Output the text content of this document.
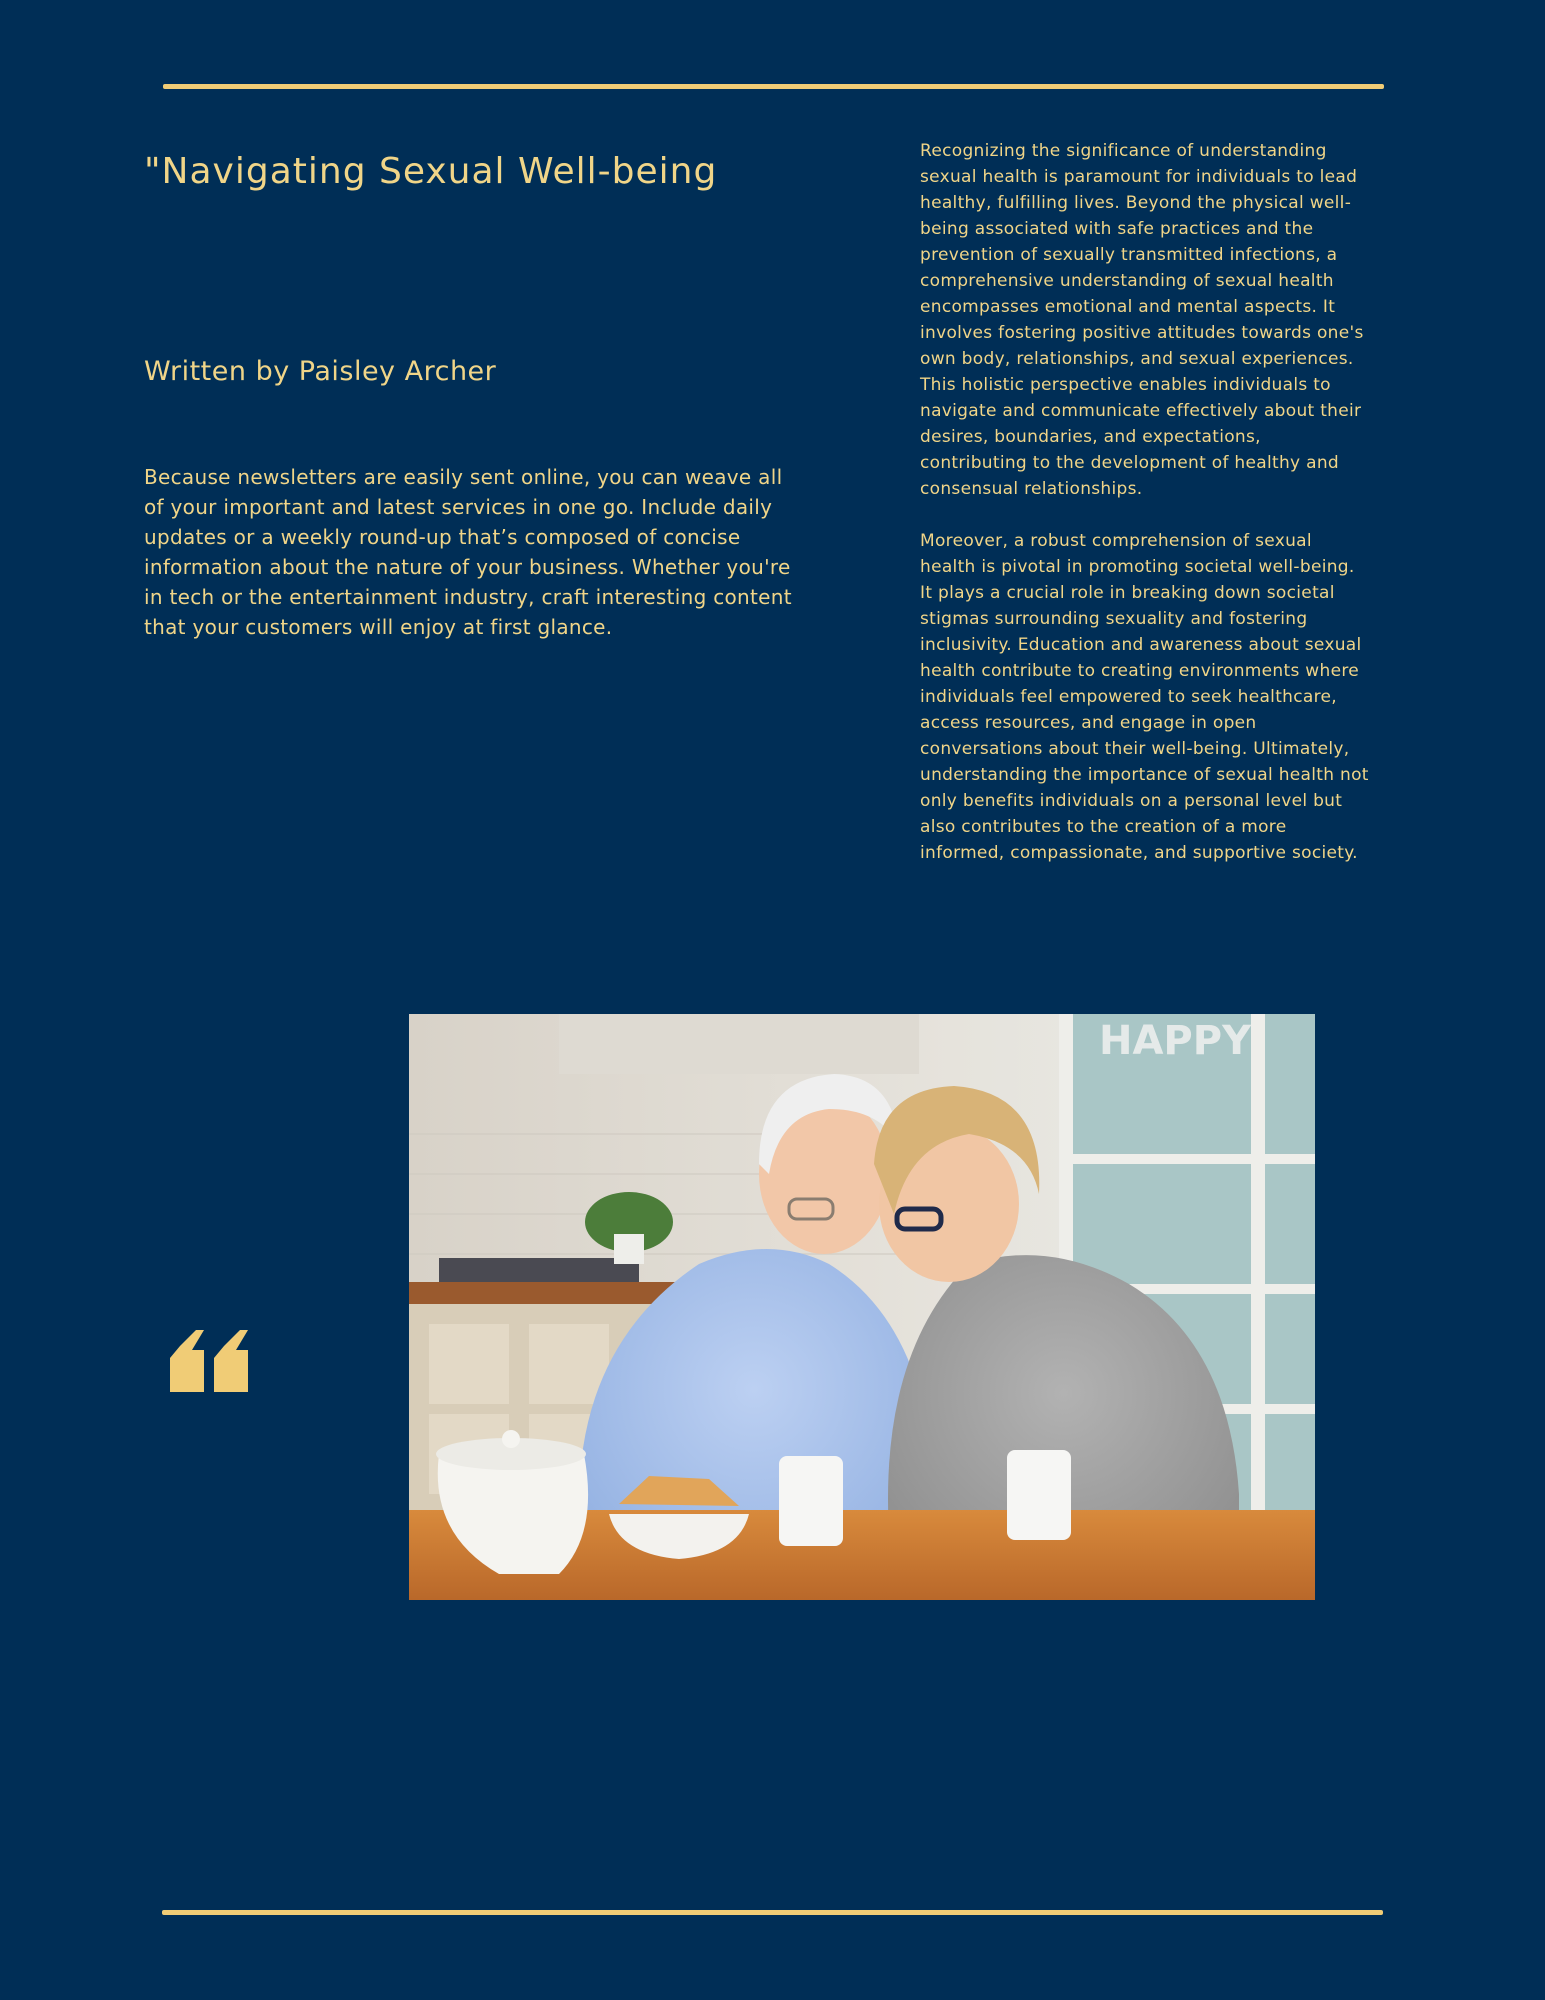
"Navigating Sexual Well-being
Written by Paisley Archer

Because newsletters are easily sent online, you can weave all of your important and latest services in one go. Include daily updates or a weekly round-up that’s composed of concise information about the nature of your business. Whether you're in tech or the entertainment industry, craft interesting content that your customers will enjoy at first glance.

Recognizing the significance of understanding sexual health is paramount for individuals to lead healthy, fulfilling lives. Beyond the physical well-being associated with safe practices and the prevention of sexually transmitted infections, a comprehensive understanding of sexual health encompasses emotional and mental aspects. It involves fostering positive attitudes towards one's own body, relationships, and sexual experiences. This holistic perspective enables individuals to navigate and communicate effectively about their desires, boundaries, and expectations, contributing to the development of healthy and consensual relationships.

Moreover, a robust comprehension of sexual health is pivotal in promoting societal well-being. It plays a crucial role in breaking down societal stigmas surrounding sexuality and fostering inclusivity. Education and awareness about sexual health contribute to creating environments where individuals feel empowered to seek healthcare, access resources, and engage in open conversations about their well-being. Ultimately, understanding the importance of sexual health not only benefits individuals on a personal level but also contributes to the creation of a more informed, compassionate, and supportive society.

HAPPY
